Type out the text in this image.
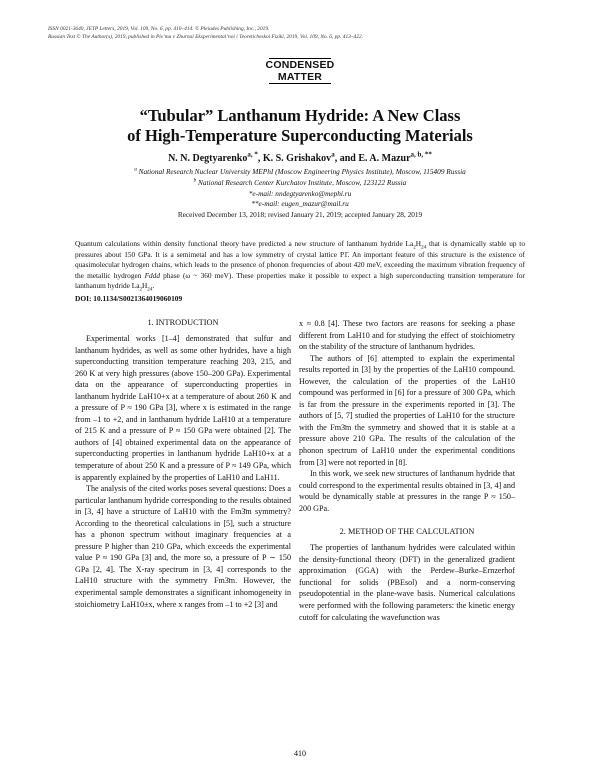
ISSN 0021-3640, JETP Letters, 2019, Vol. 109, No. 6, pp. 410–414. © Pleiades Publishing, Inc., 2019.
Russian Text © The Author(s), 2019, published in Pis’ma v Zhurnal Eksperimental’noi i Teoreticheskoi Fiziki, 2019, Vol. 109, No. 6, pp. 413–422.
CONDENSED
MATTER
“Tubular” Lanthanum Hydride: A New Class
of High-Temperature Superconducting Materials
N. N. Degtyarenko$^{a, *}$, K. S. Grishakov$^a$, and E. A. Mazur$^{a, b, **}$
$^a$ National Research Nuclear University MEPhI (Moscow Engineering Physics Institute), Moscow, 115409 Russia
$^b$ National Research Center Kurchatov Institute, Moscow, 123122 Russia
*e-mail: nndegtyarenko@mephi.ru
**e-mail: eugen_mazur@mail.ru
Received December 13, 2018; revised January 21, 2019; accepted January 28, 2019

Quantum calculations within density functional theory have predicted a new structure of lanthanum hydride $La_2H_{24}$ that is dynamically stable up to pressures about 150 GPa. It is a semimetal and has a low symmetry of crystal lattice P1̄. An important feature of this structure is the existence of quasimolecular hydrogen chains, which leads to the presence of phonon frequencies of about 420 meV, exceeding the maximum vibration frequency of the metallic hydrogen Fddd phase (ω ~ 360 meV). These properties make it possible to expect a high superconducting transition temperature for lanthanum hydride $La_2H_{24}$.

DOI: 10.1134/S0021364019060109
1. INTRODUCTION

Experimental works [1–4] demonstrated that sulfur and lanthanum hydrides, as well as some other hydrides, have a high superconducting transition temperature reaching 203, 215, and 260 K at very high pressures (above 150–200 GPa). Experimental data on the appearance of superconducting properties in lanthanum hydride LaH10+x at a temperature of about 260 K and a pressure of P ≈ 190 GPa [3], where x is estimated in the range from –1 to +2, and in lanthanum hydride LaH10 at a temperature of 215 K and a pressure of P ≈ 150 GPa were obtained [2]. The authors of [4] obtained experimental data on the appearance of superconducting properties in lanthanum hydride LaH10+x at a temperature of about 250 K and a pressure of P ≈ 149 GPa, which is apparently explained by the properties of LaH10 and LaH11.

The analysis of the cited works poses several questions: Does a particular lanthanum hydride corresponding to the results obtained in [3, 4] have a structure of LaH10 with the Fm3̄m symmetry? According to the theoretical calculations in [5], such a structure has a phonon spectrum without imaginary frequencies at a pressure P higher than 210 GPa, which exceeds the experimental value P ≈ 190 GPa [3] and, the more so, a pressure of P ∼ 150 GPa [2, 4]. The X-ray spectrum in [3, 4] corresponds to the LaH10 structure with the symmetry Fm3̄m. However, the experimental sample demonstrates a significant inhomogeneity in stoichiometry LaH10±x, where x ranges from –1 to +2 [3] and

x ≈ 0.8 [4]. These two factors are reasons for seeking a phase different from LaH10 and for studying the effect of stoichiometry on the stability of the structure of lanthanum hydrides.

The authors of [6] attempted to explain the experimental results reported in [3] by the properties of the LaH10 compound. However, the calculation of the properties of the LaH10 compound was performed in [6] for a pressure of 300 GPa, which is far from the pressure in the experiments reported in [3]. The authors of [5, 7] studied the properties of LaH10 for the structure with the Fm3̄m the symmetry and showed that it is stable at a pressure above 210 GPa. The results of the calculation of the phonon spectrum of LaH10 under the experimental conditions from [3] were not reported in [8].

In this work, we seek new structures of lanthanum hydride that could correspond to the experimental results obtained in [3, 4] and would be dynamically stable at pressures in the range P ≈ 150–200 GPa.

2. METHOD OF THE CALCULATION

The properties of lanthanum hydrides were calculated within the density-functional theory (DFT) in the generalized gradient approximation (GGA) with the Perdew–Burke–Ernzerhof functional for solids (PBEsol) and a norm-conserving pseudopotential in the plane-wave basis. Numerical calculations were performed with the following parameters: the kinetic energy cutoff for calculating the wavefunction was

410
